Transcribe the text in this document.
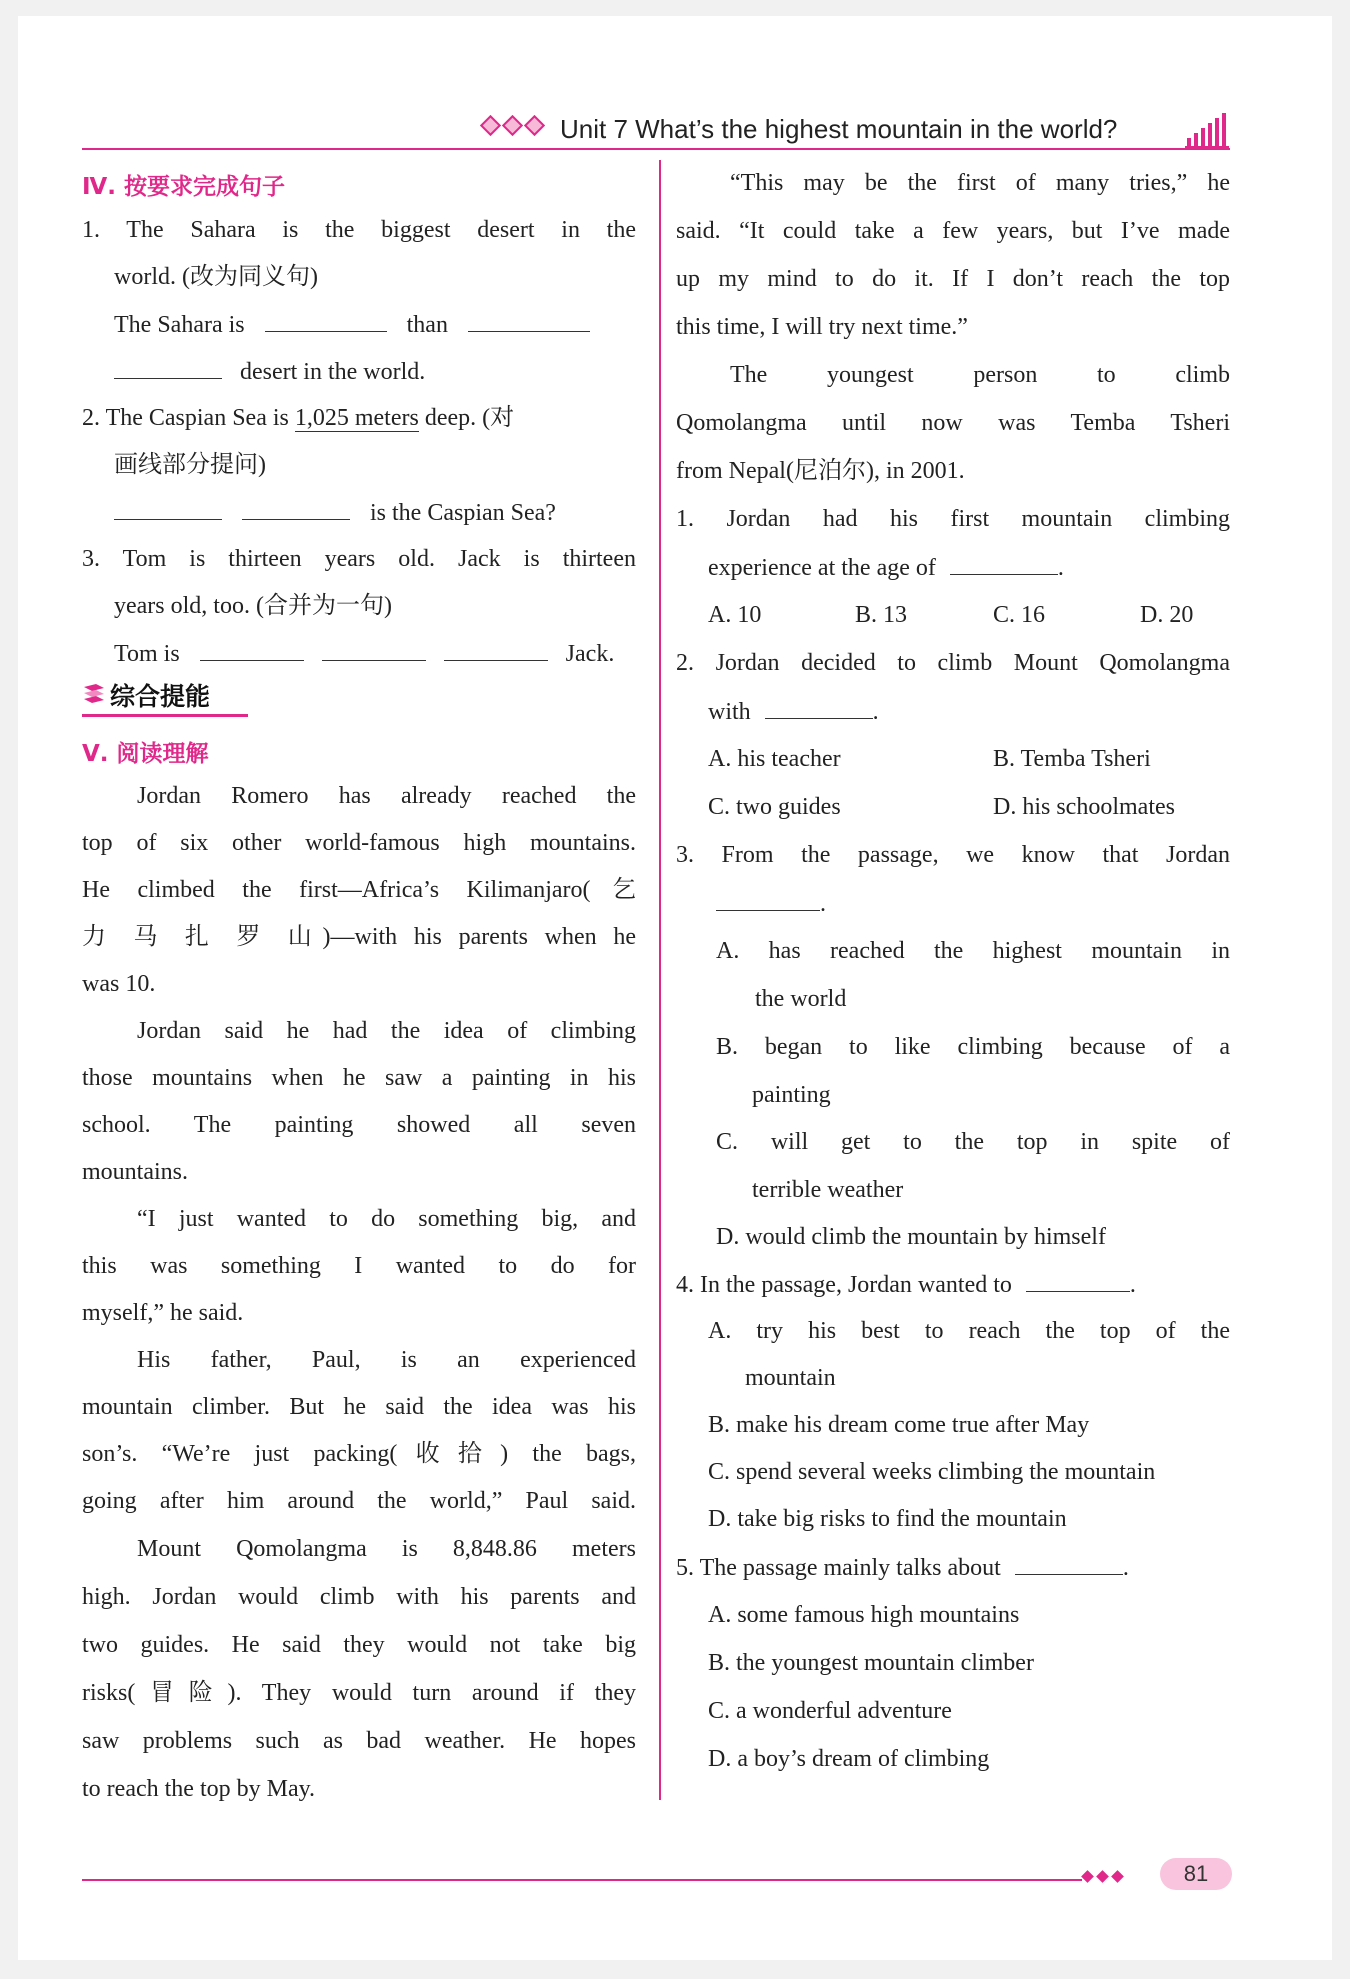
Unit 7 What’s the highest mountain in the world?
Ⅳ. 按要求完成句子
1. The Sahara is the biggest desert in the
world. (改为同义句)
The Sahara is	than
desert in the world.
2. The Caspian Sea is 1,025 meters deep. (对
画线部分提问)
is the Caspian Sea?
3. Tom is thirteen years old. Jack is thirteen
years old, too. (合并为一句)
Tom is	Jack.
综合提能
Ⅴ. 阅读理解
Jordan Romero has already reached the
top of six other world-famous high mountains.
He climbed the first—Africa’s Kilimanjaro(乞
力 马 扎 罗 山)—with his parents when he
was 10.
Jordan said he had the idea of climbing
those mountains when he saw a painting in his
school. The painting showed all seven
mountains.
“I just wanted to do something big, and
this was something I wanted to do for
myself,” he said.
His father, Paul, is an experienced
mountain climber. But he said the idea was his
son’s. “We’re just packing(收拾) the bags,
going after him around the world,” Paul said.
Mount Qomolangma is 8,848.86 meters
high. Jordan would climb with his parents and
two guides. He said they would not take big
risks(冒险). They would turn around if they
saw problems such as bad weather. He hopes
to reach the top by May.
“This may be the first of many tries,” he
said. “It could take a few years, but I’ve made
up my mind to do it. If I don’t reach the top
this time, I will try next time.”
The youngest person to climb
Qomolangma until now was Temba Tsheri
from Nepal(尼泊尔), in 2001.
1. Jordan had his first mountain climbing
experience at the age of	.
A. 10	B. 13	C. 16	D. 20
2. Jordan decided to climb Mount Qomolangma
with	.
A. his teacher	B. Temba Tsheri
C. two guides	D. his schoolmates
3. From the passage, we know that Jordan
.
A. has reached the highest mountain in
the world
B. began to like climbing because of a
painting
C. will get to the top in spite of
terrible weather
D. would climb the mountain by himself
4. In the passage, Jordan wanted to	.
A. try his best to reach the top of the
mountain
B. make his dream come true after May
C. spend several weeks climbing the mountain
D. take big risks to find the mountain
5. The passage mainly talks about	.
A. some famous high mountains
B. the youngest mountain climber
C. a wonderful adventure
D. a boy’s dream of climbing
81
